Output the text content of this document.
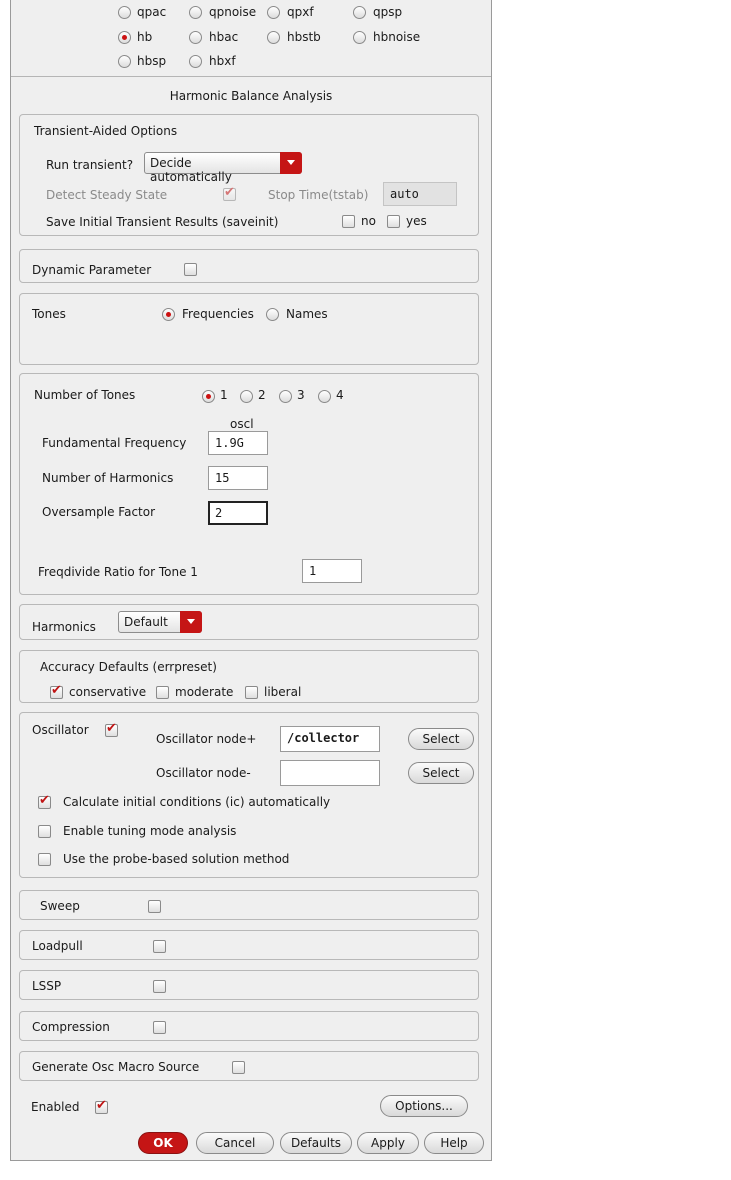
qpac	qpnoise	qpxf	qpsp
hb	hbac	hbstb	hbnoise
hbsp	hbxf
Harmonic Balance Analysis
Transient-Aided Options
Run transient?	Decide automatically
Detect Steady State ✔	Stop Time(tstab)	auto
Save Initial Transient Results (saveinit)	no	yes
Dynamic Parameter
Tones	Frequencies	Names
Number of Tones	1	2	3	4
oscl
Fundamental Frequency	1.9G
Number of Harmonics	15
Oversample Factor	2
Freqdivide Ratio for Tone 1	1
Harmonics	Default
Accuracy Defaults (errpreset)
✔
conservative moderate	liberal
Oscillator
✔
Oscillator node+	/collector	Select
Oscillator node-	Select
✔
Calculate initial conditions (ic) automatically
Enable tuning mode analysis
Use the probe-based solution method
Sweep
Loadpull
LSSP
Compression
Generate Osc Macro Source
Enabled ✔	Options...
OK	Cancel	Defaults	Apply	Help
